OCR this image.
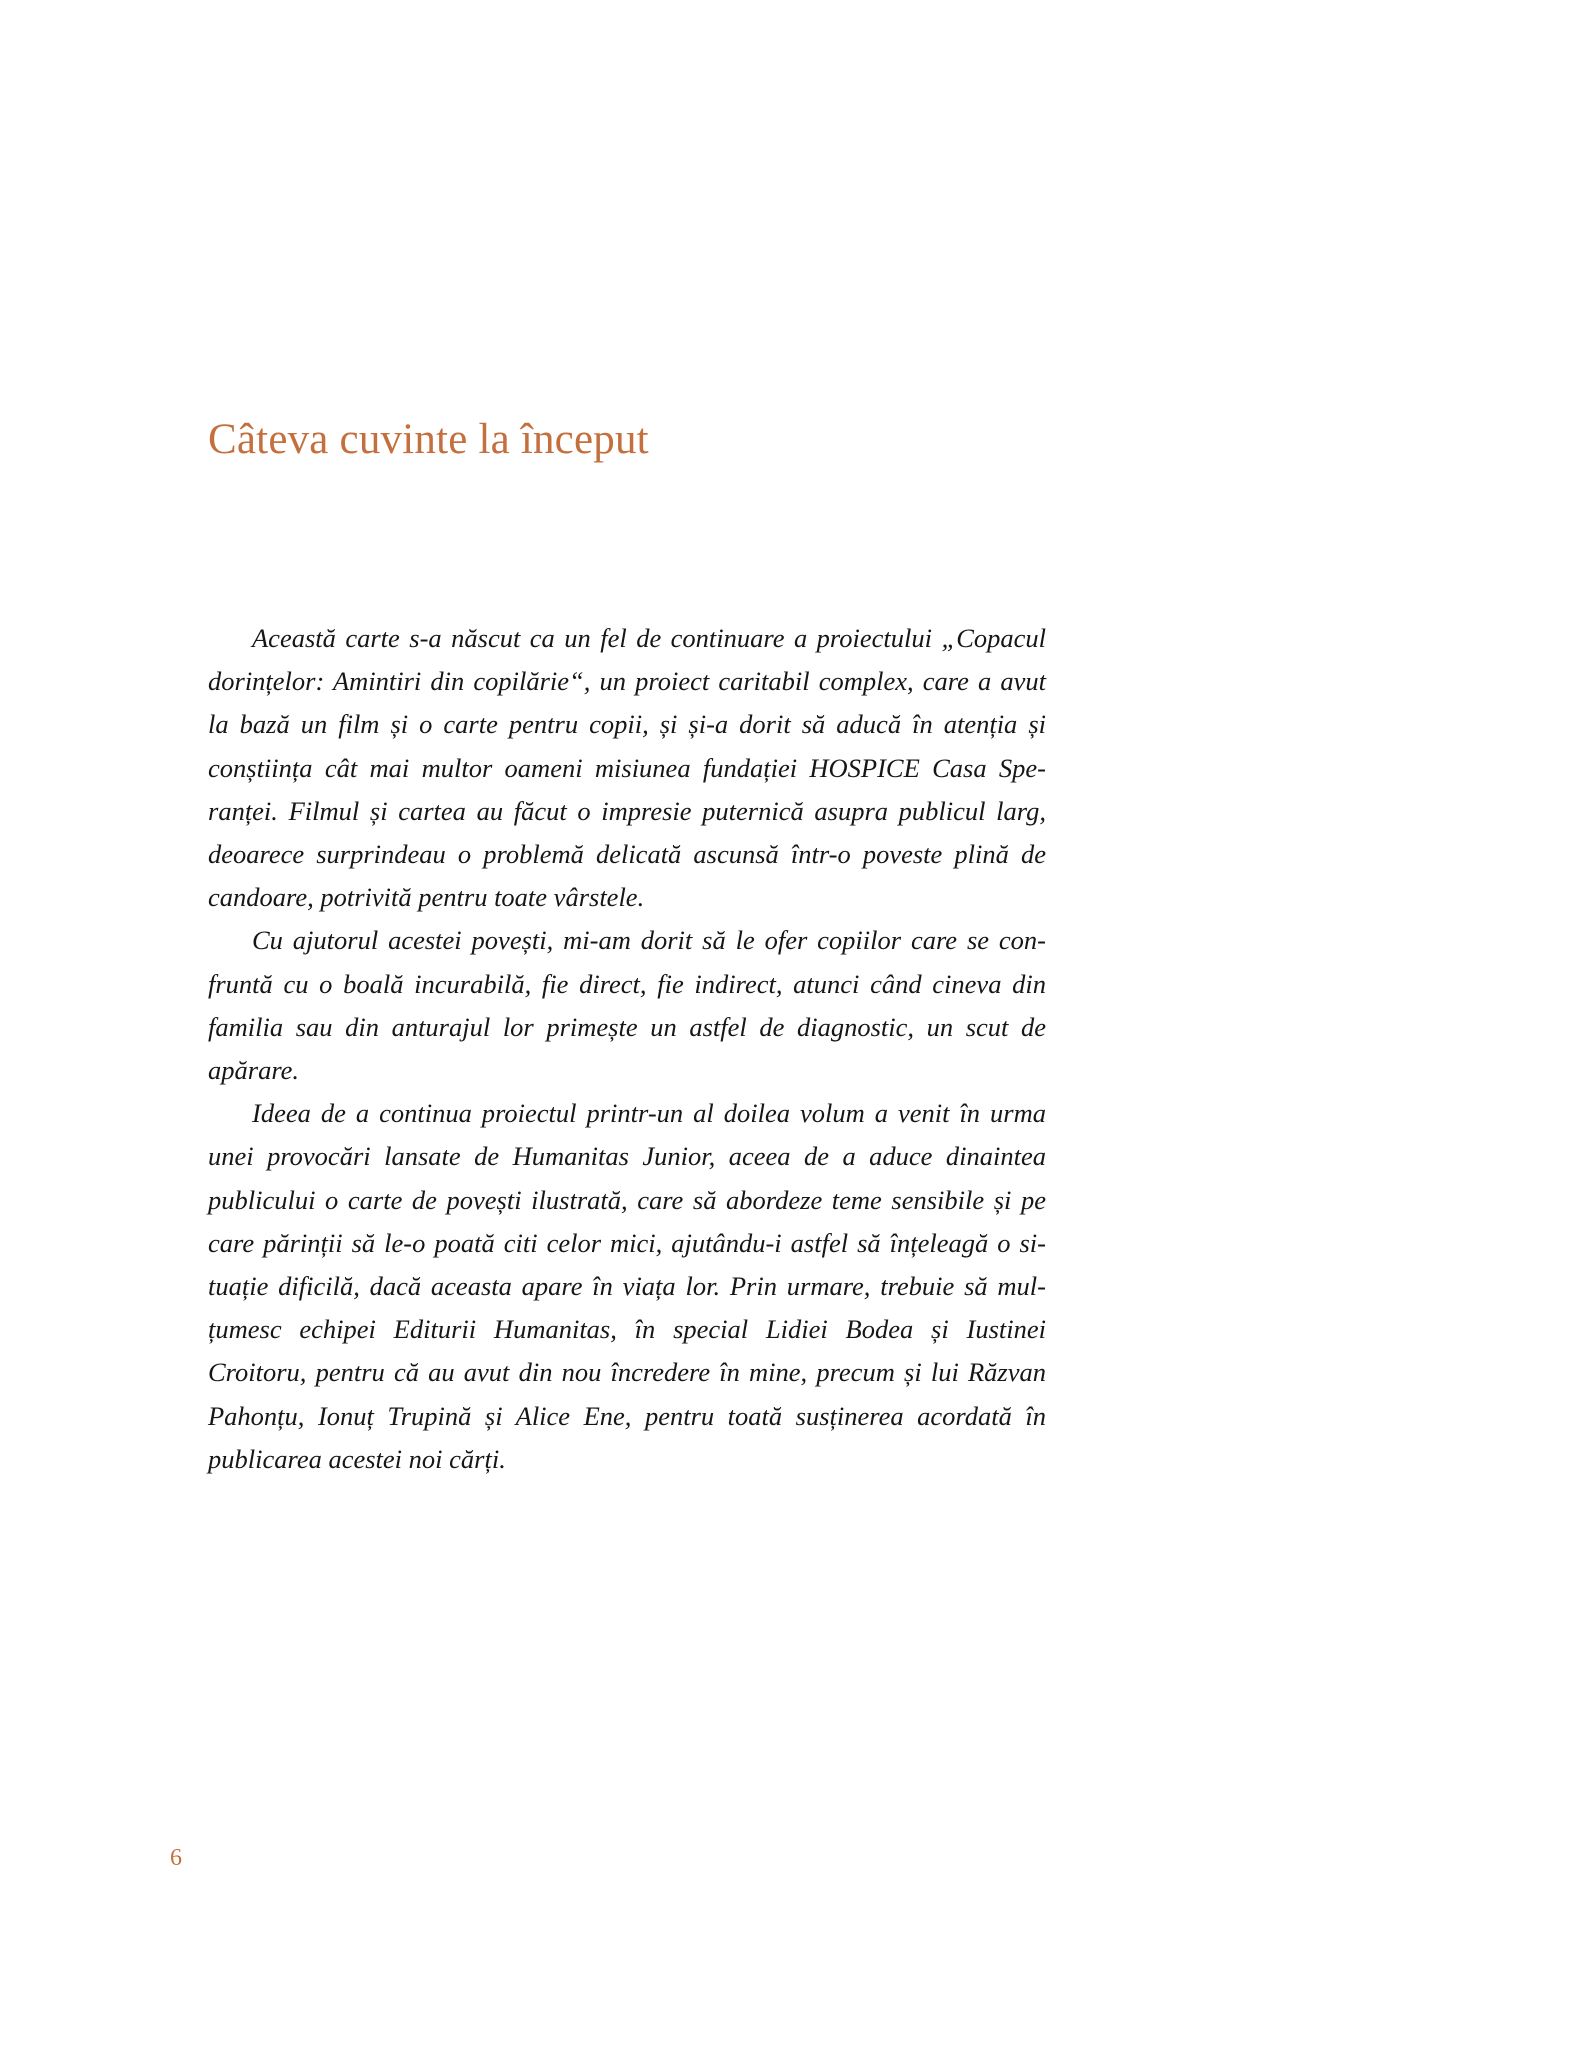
Câteva cuvinte la început

Această carte s-a născut ca un fel de continuare a proiectului „Copacul dorințelor: Amintiri din copilărie“, un proiect caritabil complex, care a avut la bază un film și o carte pentru copii, și și-a dorit să aducă în atenția și conștiința cât mai multor oameni misiunea fundației HOSPICE Casa Spe-ranței. Filmul și cartea au făcut o impresie puternică asupra publicul larg, deoarece surprindeau o problemă delicată ascunsă într-o poveste plină de candoare, potrivită pentru toate vârstele.

Cu ajutorul acestei povești, mi-am dorit să le ofer copiilor care se con-fruntă cu o boală incurabilă, fie direct, fie indirect, atunci când cineva din familia sau din anturajul lor primește un astfel de diagnostic, un scut de apărare.

Ideea de a continua proiectul printr-un al doilea volum a venit în urma unei provocări lansate de Humanitas Junior, aceea de a aduce dinaintea publicului o carte de povești ilustrată, care să abordeze teme sensibile și pe care părinții să le-o poată citi celor mici, ajutându-i astfel să înțeleagă o si-tuație dificilă, dacă aceasta apare în viața lor. Prin urmare, trebuie să mul-țumesc echipei Editurii Humanitas, în special Lidiei Bodea și Iustinei Croitoru, pentru că au avut din nou încredere în mine, precum și lui Răzvan Pahonțu, Ionuț Trupină și Alice Ene, pentru toată susținerea acordată în publicarea acestei noi cărți.

6
